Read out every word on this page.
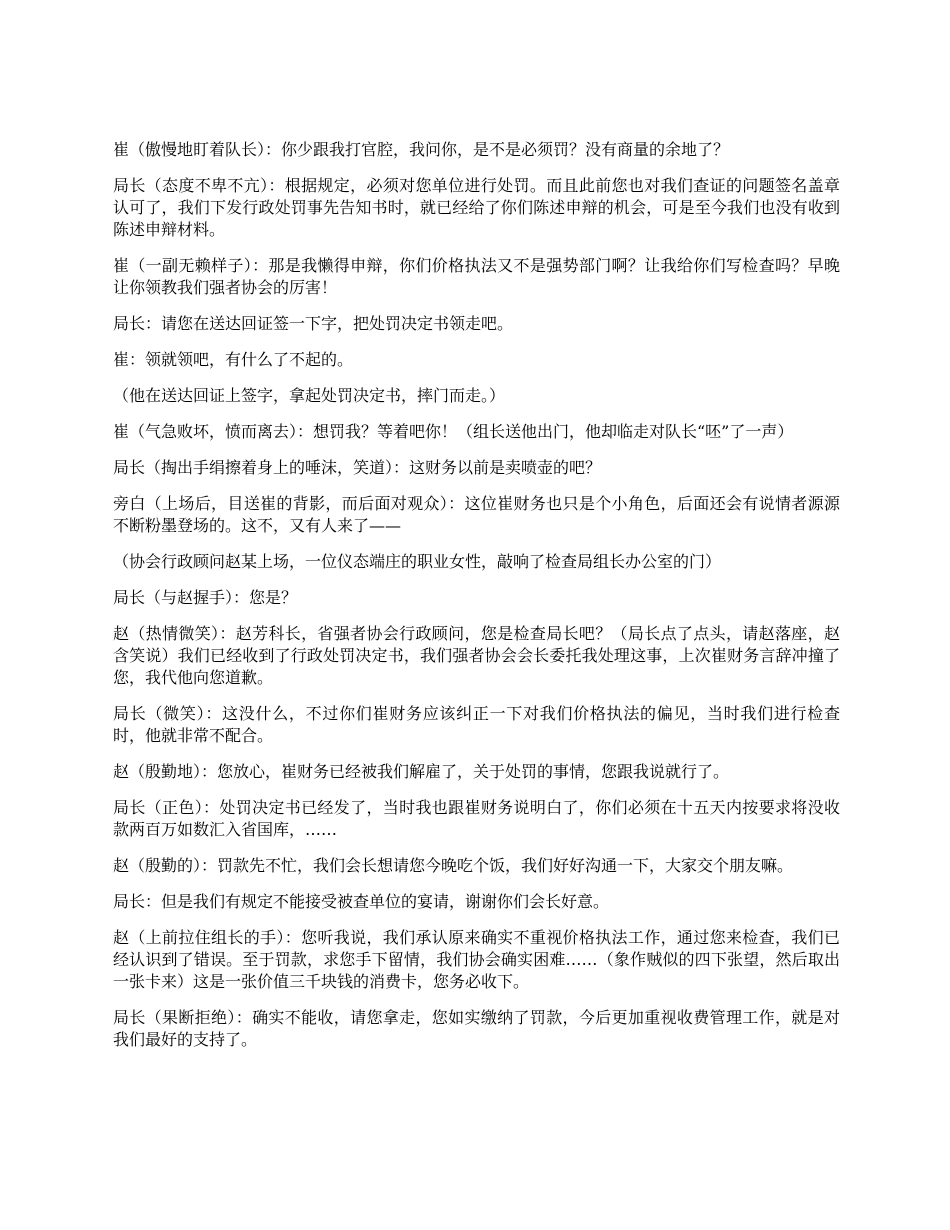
崔（傲慢地盯着队长）：你少跟我打官腔，我问你，是不是必须罚？没有商量的余地了？

局长（态度不卑不亢）：根据规定，必须对您单位进行处罚。而且此前您也对我们查证的问题签名盖章认可了，我们下发行政处罚事先告知书时，就已经给了你们陈述申辩的机会，可是至今我们也没有收到陈述申辩材料。

崔（一副无赖样子）：那是我懒得申辩，你们价格执法又不是强势部门啊？让我给你们写检查吗？早晚让你领教我们强者协会的厉害！

局长：请您在送达回证签一下字，把处罚决定书领走吧。

崔：领就领吧，有什么了不起的。

（他在送达回证上签字，拿起处罚决定书，摔门而走。）

崔（气急败坏，愤而离去）：想罚我？等着吧你！（组长送他出门，他却临走对队长“呸”了一声）

局长（掏出手绢擦着身上的唾沫，笑道）：这财务以前是卖喷壶的吧？

旁白（上场后，目送崔的背影，而后面对观众）：这位崔财务也只是个小角色，后面还会有说情者源源不断粉墨登场的。这不，又有人来了——

（协会行政顾问赵某上场，一位仪态端庄的职业女性，敲响了检查局组长办公室的门）

局长（与赵握手）：您是？

赵（热情微笑）：赵芳科长，省强者协会行政顾问，您是检查局长吧？（局长点了点头，请赵落座，赵含笑说）我们已经收到了行政处罚决定书，我们强者协会会长委托我处理这事，上次崔财务言辞冲撞了您，我代他向您道歉。

局长（微笑）：这没什么，不过你们崔财务应该纠正一下对我们价格执法的偏见，当时我们进行检查时，他就非常不配合。

赵（殷勤地）：您放心，崔财务已经被我们解雇了，关于处罚的事情，您跟我说就行了。

局长（正色）：处罚决定书已经发了，当时我也跟崔财务说明白了，你们必须在十五天内按要求将没收款两百万如数汇入省国库，……

赵（殷勤的）：罚款先不忙，我们会长想请您今晚吃个饭，我们好好沟通一下，大家交个朋友嘛。

局长：但是我们有规定不能接受被查单位的宴请，谢谢你们会长好意。

赵（上前拉住组长的手）：您听我说，我们承认原来确实不重视价格执法工作，通过您来检查，我们已经认识到了错误。至于罚款，求您手下留情，我们协会确实困难……（象作贼似的四下张望，然后取出一张卡来）这是一张价值三千块钱的消费卡，您务必收下。

局长（果断拒绝）：确实不能收，请您拿走，您如实缴纳了罚款，今后更加重视收费管理工作，就是对我们最好的支持了。
